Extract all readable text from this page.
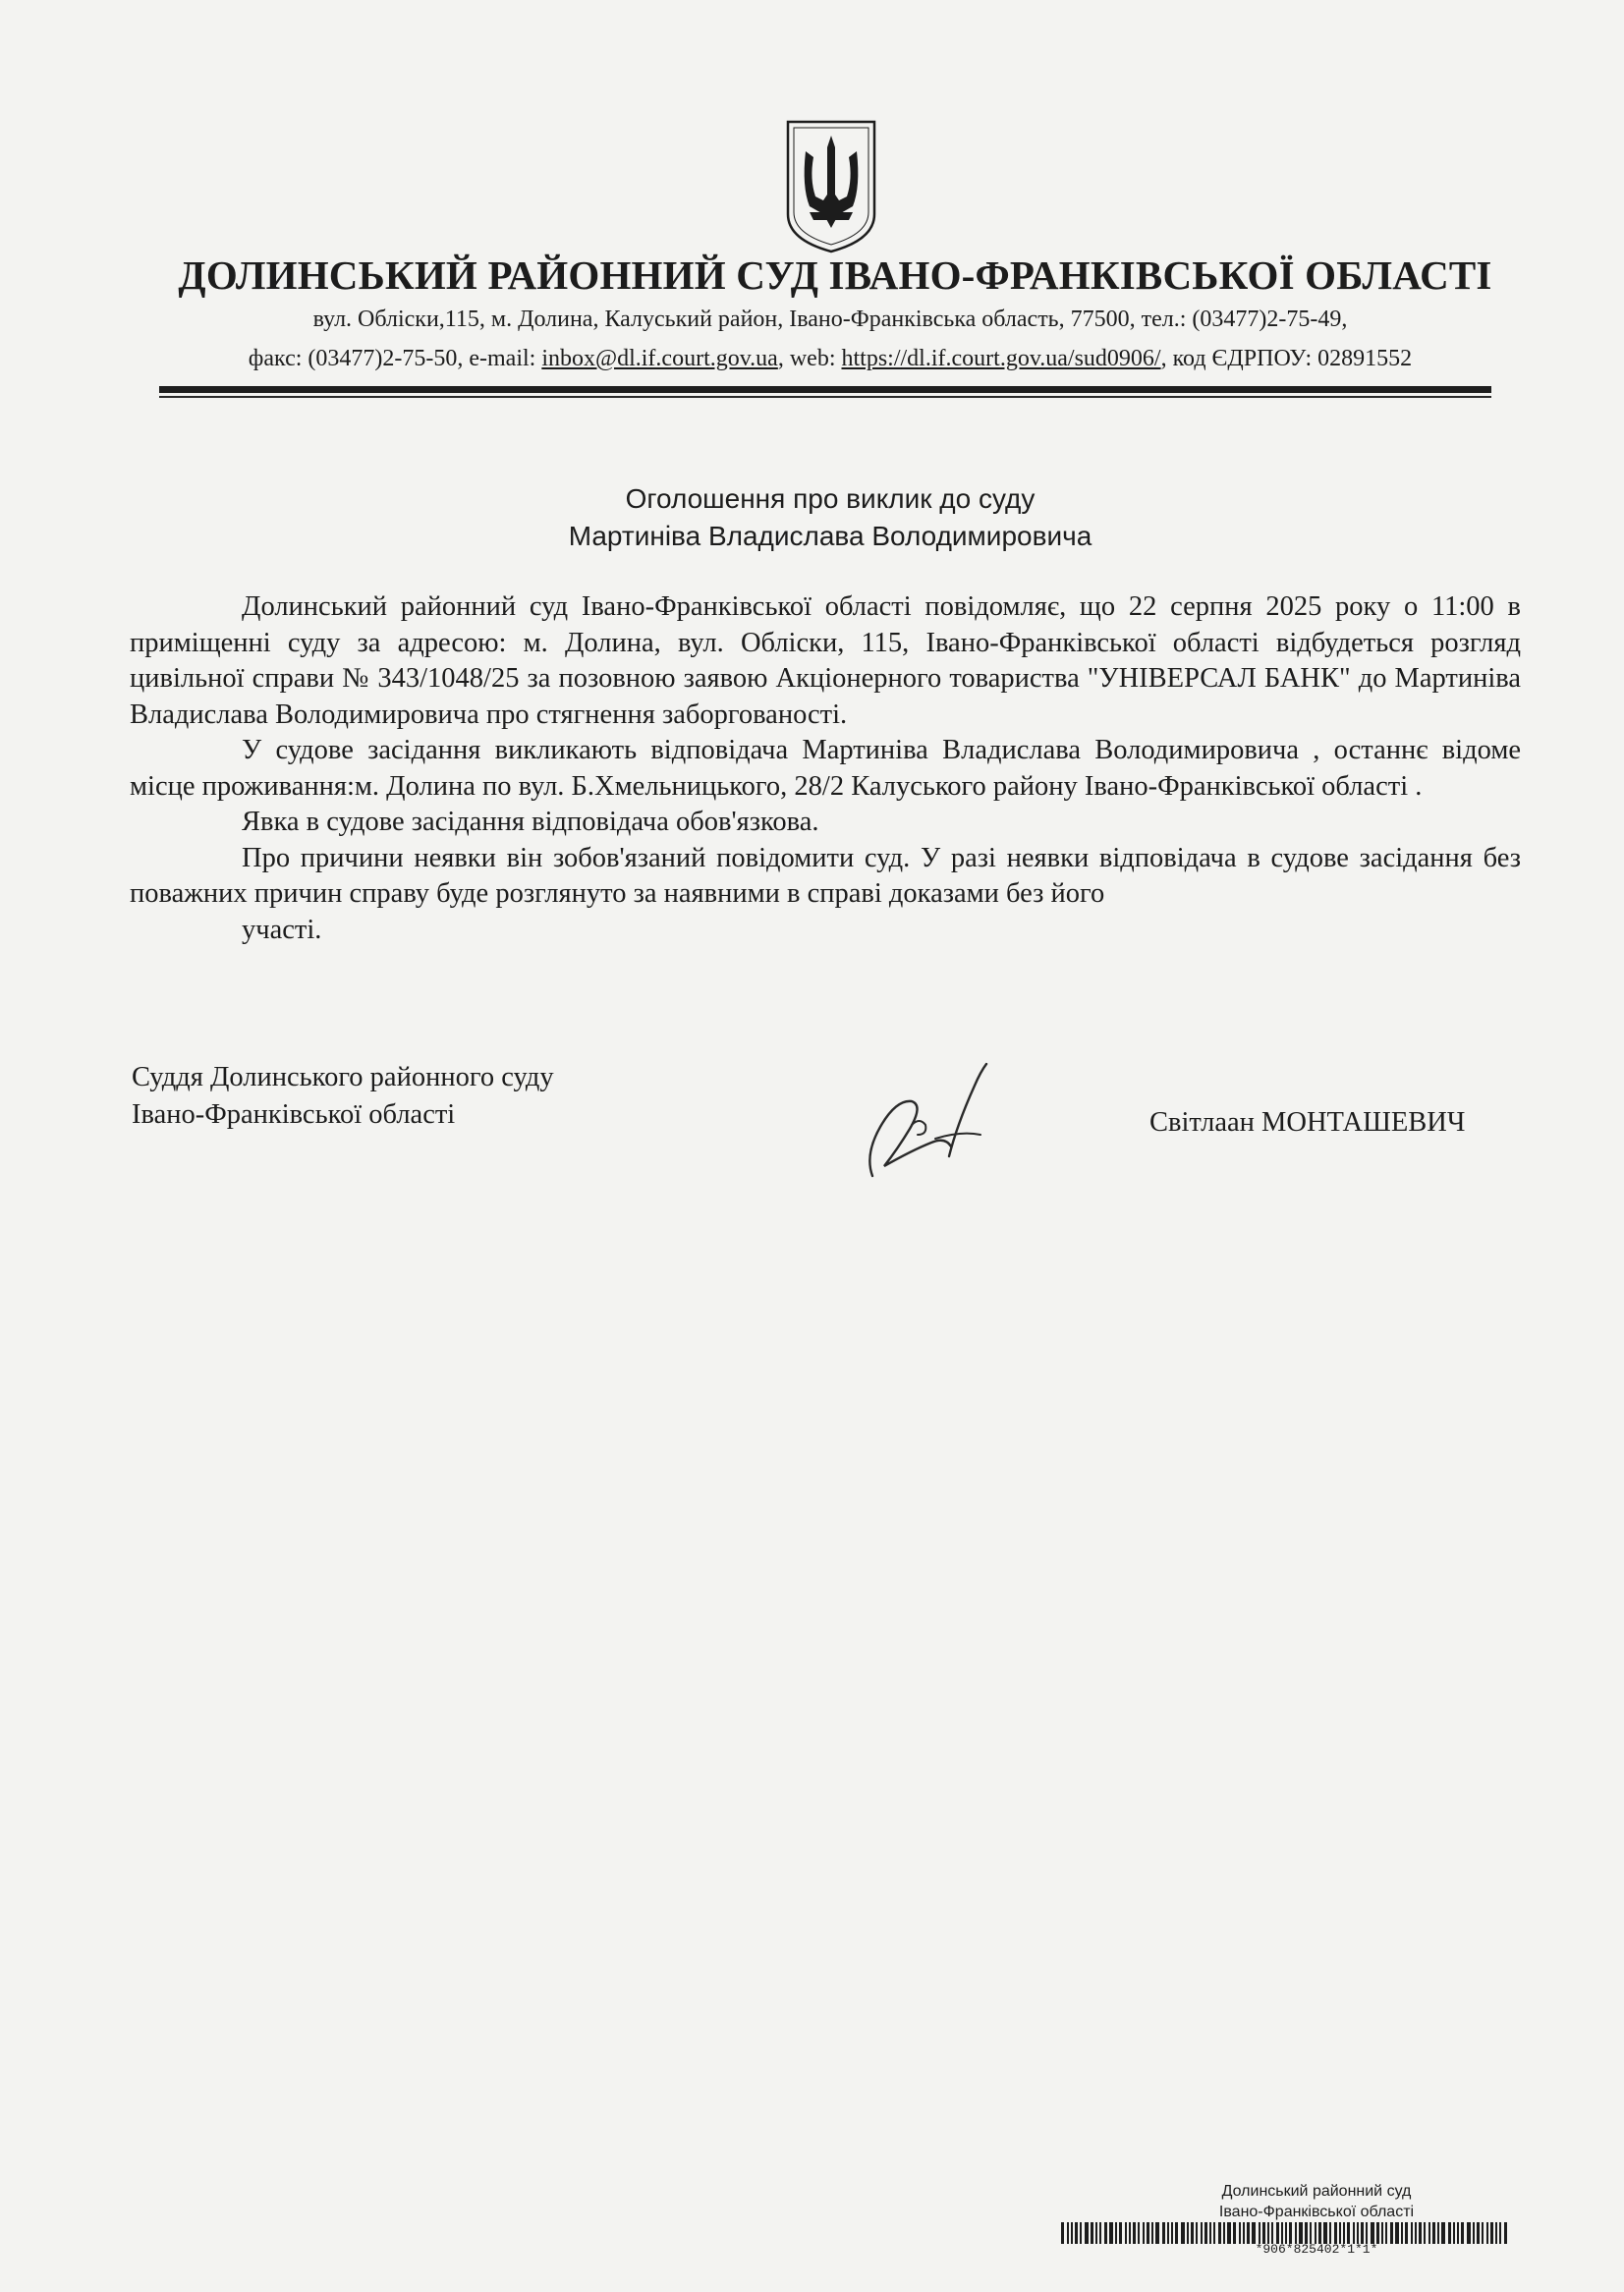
ДОЛИНСЬКИЙ РАЙОННИЙ СУД ІВАНО-ФРАНКІВСЬКОЇ ОБЛАСТІ
вул. Обліски,115, м. Долина, Калуський район, Івано-Франківська область, 77500, тел.: (03477)2-75-49,
факс: (03477)2-75-50, e-mail: inbox@dl.if.court.gov.ua, web: https://dl.if.court.gov.ua/sud0906/, код ЄДРПОУ: 02891552
Оголошення про виклик до суду
Мартиніва Владислава Володимировича

Долинський районний суд Івано-Франківської області повідомляє, що 22 серпня 2025 року о 11:00 в приміщенні суду за адресою: м. Долина, вул. Обліски, 115, Івано-Франківської області відбудеться розгляд цивільної справи № 343/1048/25 за позовною заявою Акціонерного товариства "УНІВЕРСАЛ БАНК" до Мартиніва Владислава Володимировича про стягнення заборгованості.

У судове засідання викликають відповідача Мартиніва Владислава Володимировича , останнє відоме місце проживання:м. Долина по вул. Б.Хмельницького, 28/2 Калуського району Івано-Франківської області .

Явка в судове засідання відповідача обов'язкова.

Про причини неявки він зобов'язаний повідомити суд. У разі неявки відповідача в судове засідання без поважних причин справу буде розглянуто за наявними в справі доказами без його

участі.

Суддя Долинського районного суду
Івано-Франківської області	Світлаан МОНТАШЕВИЧ
Долинський районний суд
Івано-Франківської області
*906*825402*1*1*
